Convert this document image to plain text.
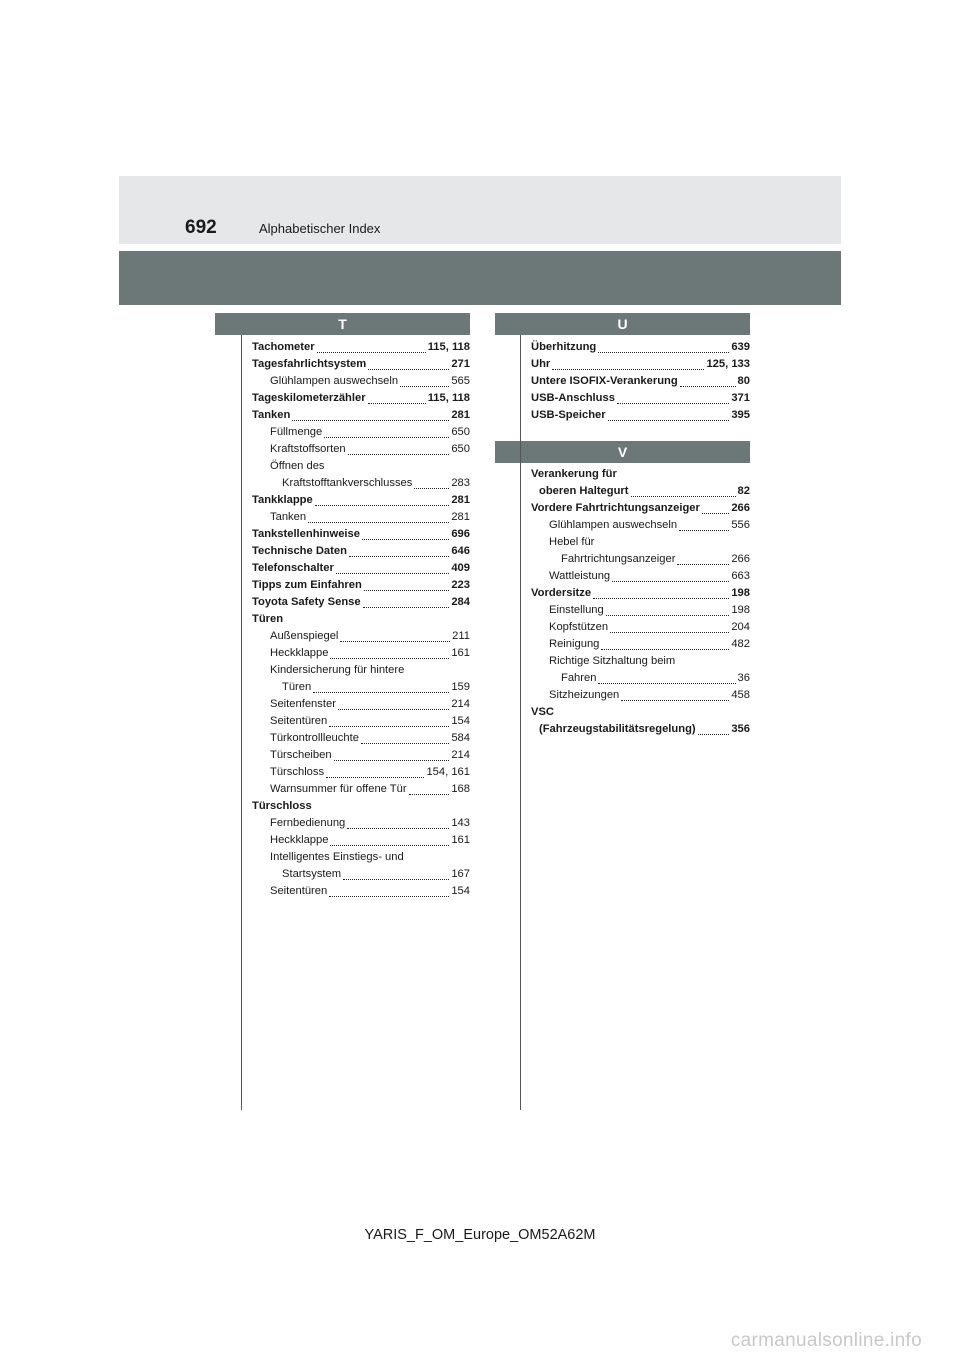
692	Alphabetischer Index
T	U
V
Tachometer	115, 118
Tagesfahrlichtsystem	271
Glühlampen auswechseln	565
Tageskilometerzähler	115, 118
Tanken	281
Füllmenge	650
Kraftstoffsorten	650
Öffnen des
Kraftstofftankverschlusses	283
Tankklappe	281
Tanken	281
Tankstellenhinweise	696
Technische Daten	646
Telefonschalter	409
Tipps zum Einfahren	223
Toyota Safety Sense	284
Türen
Außenspiegel	211
Heckklappe	161
Kindersicherung für hintere
Türen	159
Seitenfenster	214
Seitentüren	154
Türkontrollleuchte	584
Türscheiben	214
Türschloss	154, 161
Warnsummer für offene Tür	168
Türschloss
Fernbedienung	143
Heckklappe	161
Intelligentes Einstiegs- und
Startsystem	167
Seitentüren	154
Überhitzung	639
Uhr	125, 133
Untere ISOFIX-Verankerung	80
USB-Anschluss	371
USB-Speicher	395
Verankerung für
oberen Haltegurt	82
Vordere Fahrtrichtungsanzeiger	266
Glühlampen auswechseln	556
Hebel für
Fahrtrichtungsanzeiger	266
Wattleistung	663
Vordersitze	198
Einstellung	198
Kopfstützen	204
Reinigung	482
Richtige Sitzhaltung beim
Fahren	36
Sitzheizungen	458
VSC
(Fahrzeugstabilitätsregelung)	356
YARIS_F_OM_Europe_OM52A62M
carmanualsonline.info
